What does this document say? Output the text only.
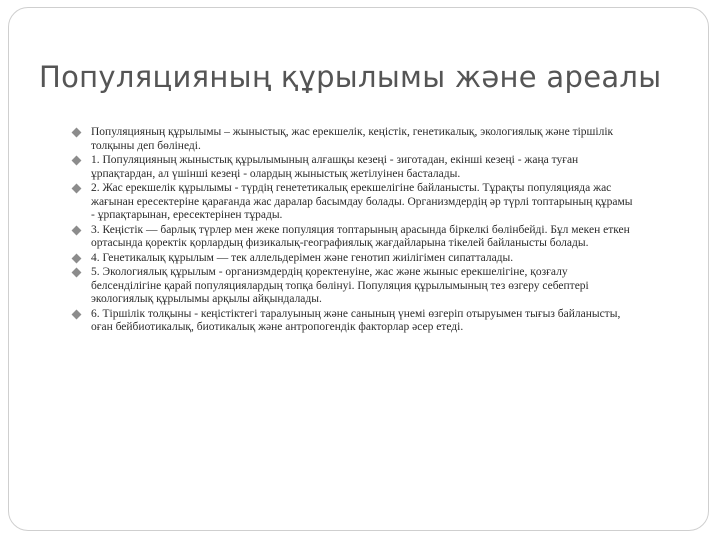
Популяцияның құрылымы және ареалы
Популяцияның құрылымы – жыныстық, жас ерекшелік, кеңістік, генетикалық, экологиялық және тіршілік толқыны деп бөлінеді.
1. Популяцияның жыныстық құрылымының алғашқы кезеңі - зиготадан, екінші кезеңі - жаңа туған ұрпақтардан, ал үшінші кезеңі - олардың жыныстық жетілуінен басталады.
2. Жас ерекшелік құрылымы - түрдің генететикалық ерекшелігіне байланысты. Тұрақты популяцияда жас жағынан ересектеріне қарағанда жас даралар басымдау болады. Организмдердің әр түрлі топтарының құрамы - ұрпақтарынан, ересектерінен тұрады.
3. Кеңістік — барлық түрлер мен жеке популяция топтарының арасында біркелкі бөлінбейді. Бұл мекен еткен ортасында қоректік қорлардың физикалық-географиялық жағдайларына тікелей байланысты болады.
4. Генетикалық құрылым — тек аллельдерімен және генотип жиілігімен сипатталады.
5. Экологиялық құрылым - организмдердің қоректенуіне, жас және жыныс ерекшелігіне, қозғалу белсенділігіне қарай популяциялардың топқа бөлінуі. Популяция құрылымының тез өзгеру себептері экологиялық құрылымы арқылы айқындалады.
6. Тіршілік толқыны - кеңістіктегі таралуының және санының үнемі өзгеріп отыруымен тығыз байланысты, оған бейбиотикалық, биотикалық және антропогендік факторлар әсер етеді.
